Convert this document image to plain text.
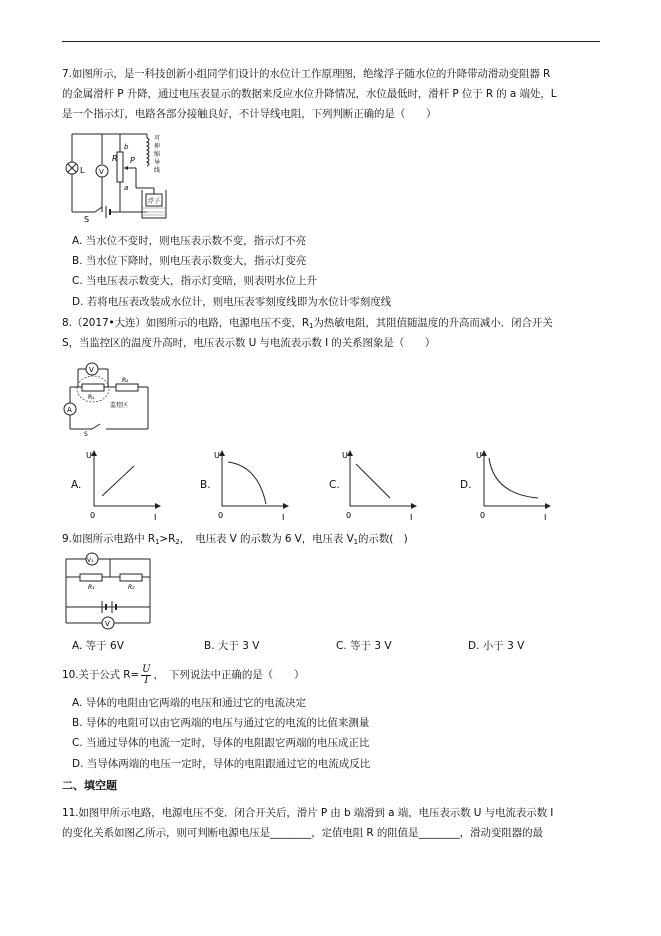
7.如图所示，是一科技创新小组同学们设计的水位计工作原理图，绝缘浮子随水位的升降带动滑动变阻器 R
的金属滑杆 P 升降，通过电压表显示的数据来反应水位升降情况，水位最低时，滑杆 P 位于 R 的 a 端处，L
是一个指示灯，电路各部分接触良好，不计导线电阻，下列判断正确的是（　　）
L
S
R
b
a
V
P
可
伸
缩
导
线
浮子
A. 当水位不变时，则电压表示数不变，指示灯不亮
B. 当水位下降时，则电压表示数变大，指示灯变亮
C. 当电压表示数变大，指示灯变暗，则表明水位上升
D. 若将电压表改装成水位计，则电压表零刻度线即为水位计零刻度线
8.（2017•大连）如图所示的电路，电源电压不变，$R_1$为热敏电阻，其阻值随温度的升高而减小．闭合开关
S，当监控区的温度升高时，电压表示数 U 与电流表示数 I 的关系图象是（　　）
S
V
A
R₁
R₂
监控区
A.
U
0	I
B.
U
0	I
C.
U
0	I
D.
U
0	I
9.如图所示电路中 $R_1>R_2$，　电压表 V 的示数为 6 V，电压表 $V_1$的示数(　)
V₁
R₁	R₂
V
A. 等于 6V	B. 大于 3 V	C. 等于 3 V	D. 小于 3 V
10.关于公式 $R= \frac{U}{I}$ ，　下列说法中正确的是（　　）
A. 导体的电阻由它两端的电压和通过它的电流决定
B. 导体的电阻可以由它两端的电压与通过它的电流的比值来测量
C. 当通过导体的电流一定时，导体的电阻跟它两端的电压成正比
D. 当导体两端的电压一定时，导体的电阻跟通过它的电流成反比
二、填空题
11.如图甲所示电路，电源电压不变．闭合开关后，滑片 P 由 b 端滑到 a 端，电压表示数 U 与电流表示数 I
的变化关系如图乙所示，则可判断电源电压是________，定值电阻 R 的阻值是________，滑动变阻器的最
